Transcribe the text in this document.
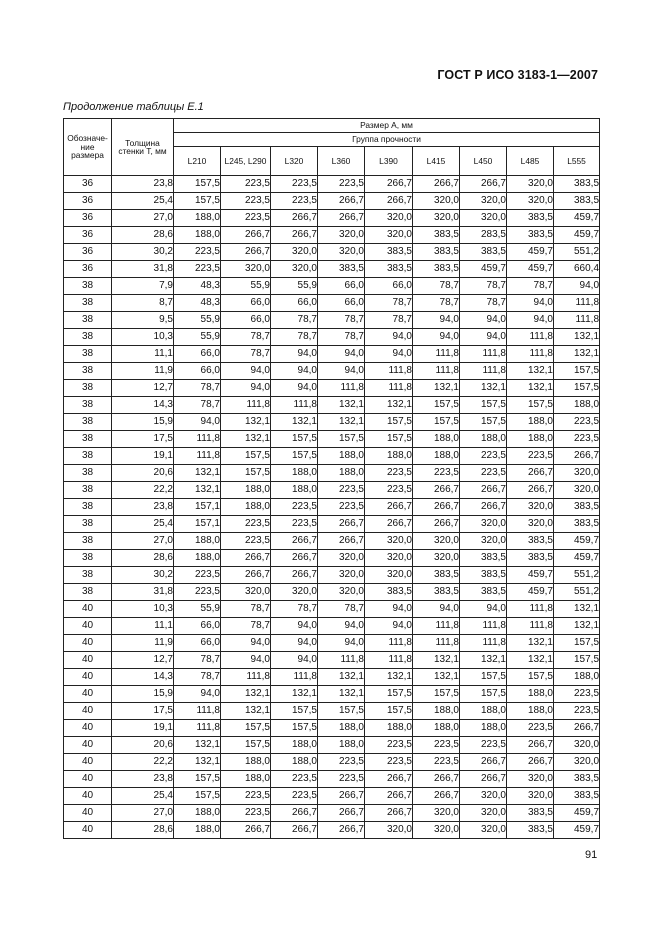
ГОСТ Р ИСО 3183-1—2007
Продолжение таблицы Е.1
Обозначе-ние размера	Толщина стенки T, мм	Размер A, мм								
		Группа прочности								
		L210	L245, L290	L320	L360	L390	L415	L450	L485	L555
36	23,8	157,5	223,5	223,5	223,5	266,7	266,7	266,7	320,0	383,5
36	25,4	157,5	223,5	223,5	266,7	266,7	320,0	320,0	320,0	383,5
36	27,0	188,0	223,5	266,7	266,7	320,0	320,0	320,0	383,5	459,7
36	28,6	188,0	266,7	266,7	320,0	320,0	383,5	283,5	383,5	459,7
36	30,2	223,5	266,7	320,0	320,0	383,5	383,5	383,5	459,7	551,2
36	31,8	223,5	320,0	320,0	383,5	383,5	383,5	459,7	459,7	660,4
38	7,9	48,3	55,9	55,9	66,0	66,0	78,7	78,7	78,7	94,0
38	8,7	48,3	66,0	66,0	66,0	78,7	78,7	78,7	94,0	111,8
38	9,5	55,9	66,0	78,7	78,7	78,7	94,0	94,0	94,0	111,8
38	10,3	55,9	78,7	78,7	78,7	94,0	94,0	94,0	111,8	132,1
38	11,1	66,0	78,7	94,0	94,0	94,0	111,8	111,8	111,8	132,1
38	11,9	66,0	94,0	94,0	94,0	111,8	111,8	111,8	132,1	157,5
38	12,7	78,7	94,0	94,0	111,8	111,8	132,1	132,1	132,1	157,5
38	14,3	78,7	111,8	111,8	132,1	132,1	157,5	157,5	157,5	188,0
38	15,9	94,0	132,1	132,1	132,1	157,5	157,5	157,5	188,0	223,5
38	17,5	111,8	132,1	157,5	157,5	157,5	188,0	188,0	188,0	223,5
38	19,1	111,8	157,5	157,5	188,0	188,0	188,0	223,5	223,5	266,7
38	20,6	132,1	157,5	188,0	188,0	223,5	223,5	223,5	266,7	320,0
38	22,2	132,1	188,0	188,0	223,5	223,5	266,7	266,7	266,7	320,0
38	23,8	157,1	188,0	223,5	223,5	266,7	266,7	266,7	320,0	383,5
38	25,4	157,1	223,5	223,5	266,7	266,7	266,7	320,0	320,0	383,5
38	27,0	188,0	223,5	266,7	266,7	320,0	320,0	320,0	383,5	459,7
38	28,6	188,0	266,7	266,7	320,0	320,0	320,0	383,5	383,5	459,7
38	30,2	223,5	266,7	266,7	320,0	320,0	383,5	383,5	459,7	551,2
38	31,8	223,5	320,0	320,0	320,0	383,5	383,5	383,5	459,7	551,2
40	10,3	55,9	78,7	78,7	78,7	94,0	94,0	94,0	111,8	132,1
40	11,1	66,0	78,7	94,0	94,0	94,0	111,8	111,8	111,8	132,1
40	11,9	66,0	94,0	94,0	94,0	111,8	111,8	111,8	132,1	157,5
40	12,7	78,7	94,0	94,0	111,8	111,8	132,1	132,1	132,1	157,5
40	14,3	78,7	111,8	111,8	132,1	132,1	132,1	157,5	157,5	188,0
40	15,9	94,0	132,1	132,1	132,1	157,5	157,5	157,5	188,0	223,5
40	17,5	111,8	132,1	157,5	157,5	157,5	188,0	188,0	188,0	223,5
40	19,1	111,8	157,5	157,5	188,0	188,0	188,0	188,0	223,5	266,7
40	20,6	132,1	157,5	188,0	188,0	223,5	223,5	223,5	266,7	320,0
40	22,2	132,1	188,0	188,0	223,5	223,5	223,5	266,7	266,7	320,0
40	23,8	157,5	188,0	223,5	223,5	266,7	266,7	266,7	320,0	383,5
40	25,4	157,5	223,5	223,5	266,7	266,7	266,7	320,0	320,0	383,5
40	27,0	188,0	223,5	266,7	266,7	266,7	320,0	320,0	383,5	459,7
40	28,6	188,0	266,7	266,7	266,7	320,0	320,0	320,0	383,5	459,7
91
